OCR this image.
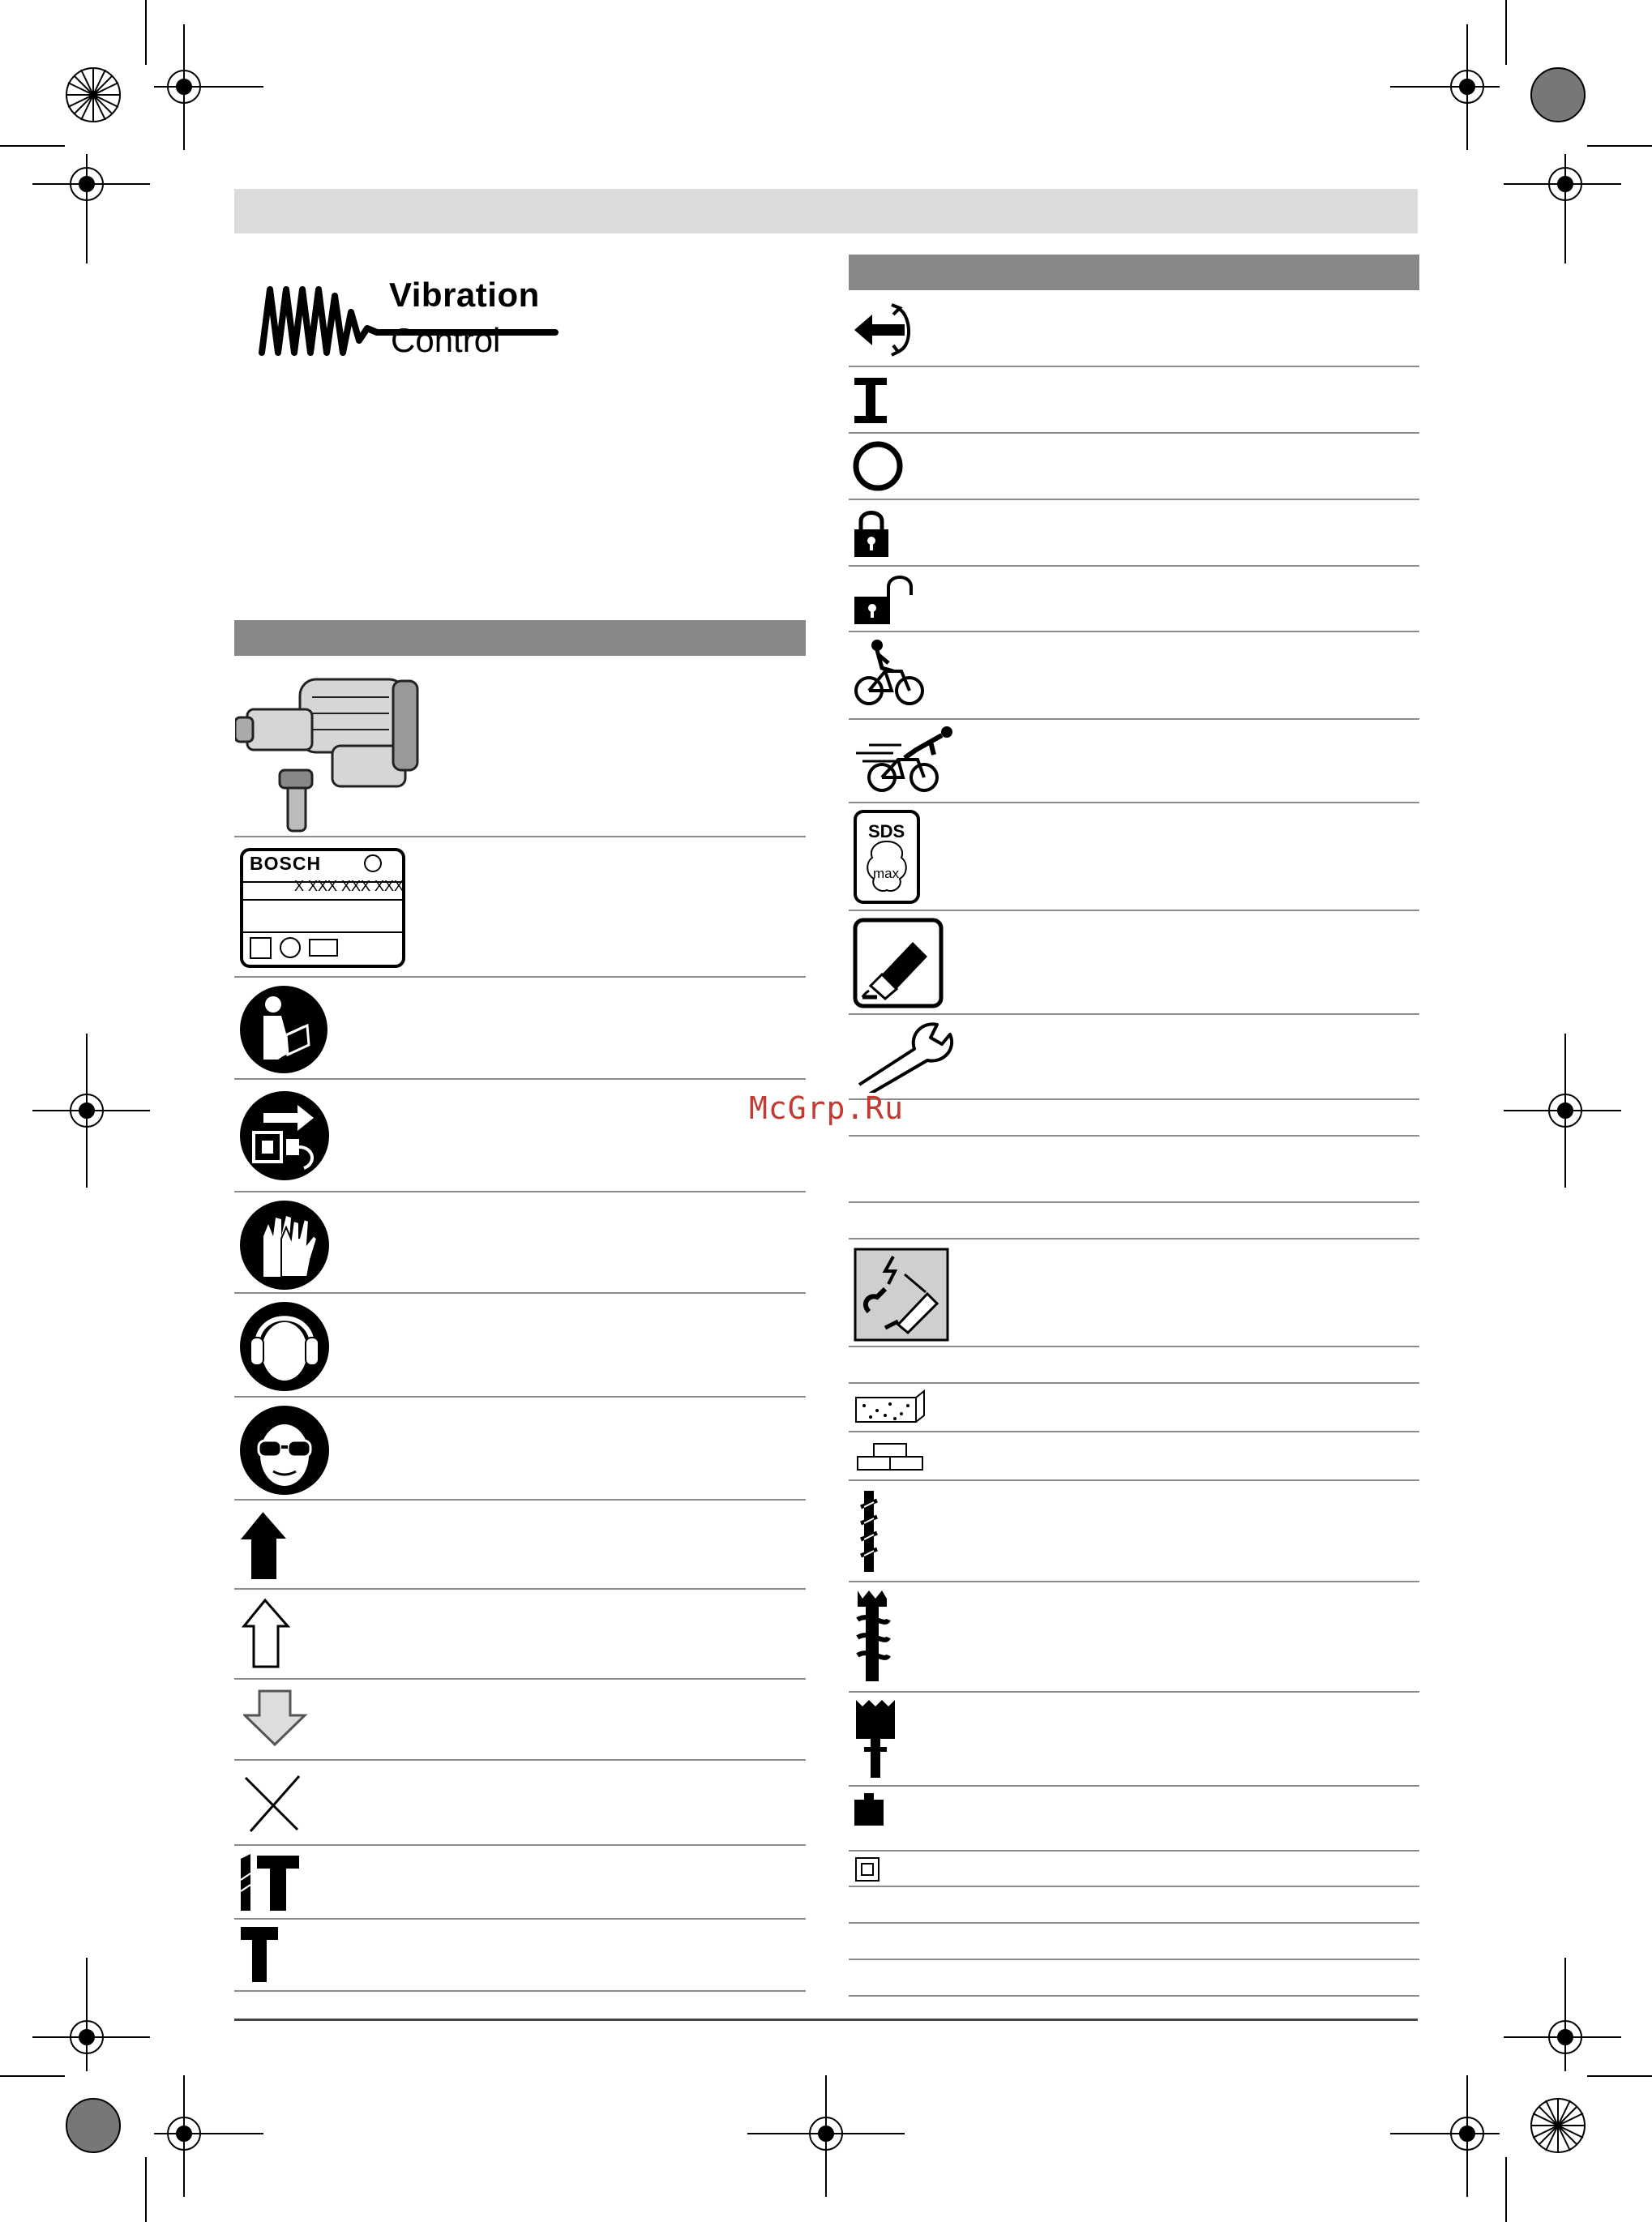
Vibration
Control
BOSCH
X XXX XXX XXX
SDS
max
McGrp.Ru
